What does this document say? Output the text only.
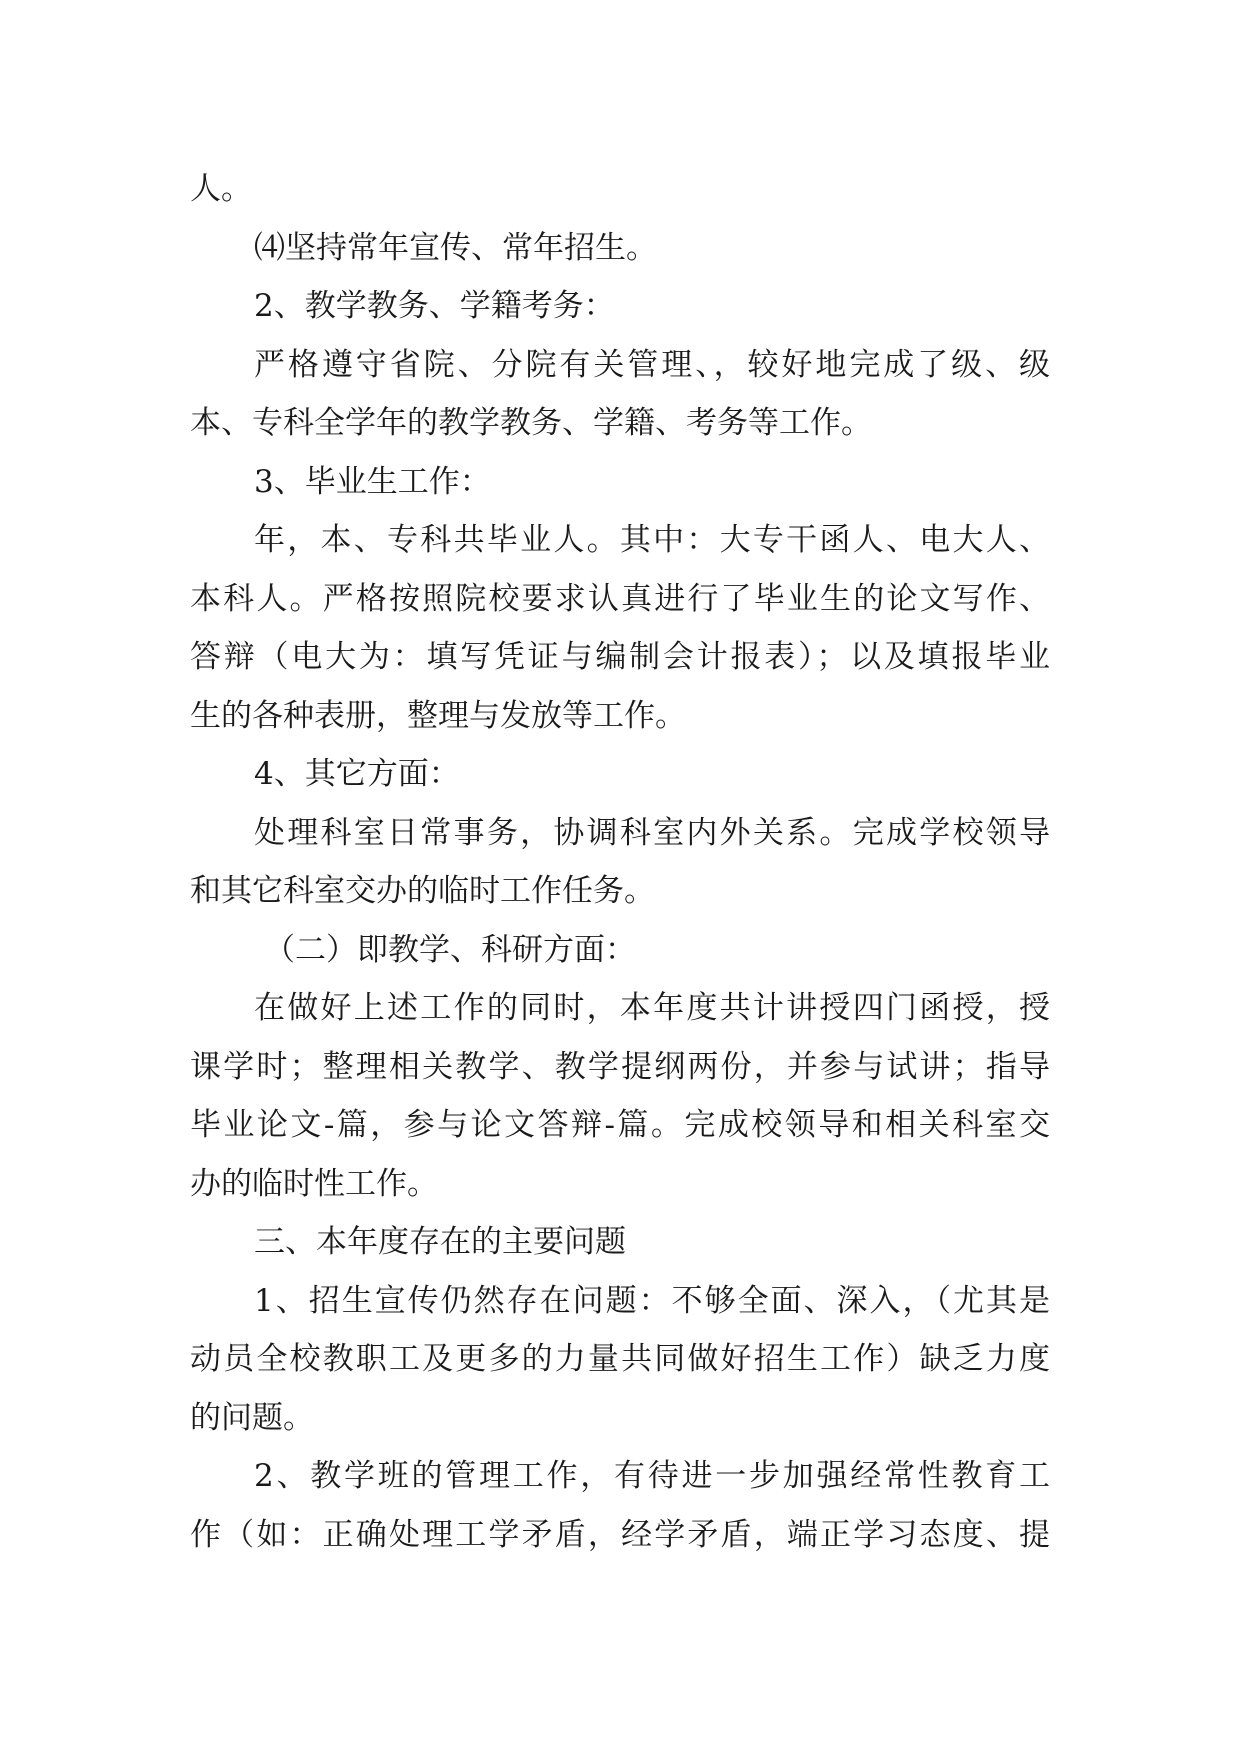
人。
⑷坚持常年宣传、常年招生。
2、教学教务、学籍考务：
严格遵守省院、分院有关管理、，较好地完成了级、级
本、专科全学年的教学教务、学籍、考务等工作。
3、毕业生工作：
年，本、专科共毕业人。其中：大专干函人、电大人、
本科人。严格按照院校要求认真进行了毕业生的论文写作、
答辩（电大为：填写凭证与编制会计报表）；以及填报毕业
生的各种表册，整理与发放等工作。
4、其它方面：
处理科室日常事务，协调科室内外关系。完成学校领导
和其它科室交办的临时工作任务。
（二）即教学、科研方面：
在做好上述工作的同时，本年度共计讲授四门函授，授
课学时；整理相关教学、教学提纲两份，并参与试讲；指导
毕业论文-篇，参与论文答辩-篇。完成校领导和相关科室交
办的临时性工作。
三、本年度存在的主要问题
1、招生宣传仍然存在问题：不够全面、深入，（尤其是
动员全校教职工及更多的力量共同做好招生工作）缺乏力度
的问题。
2、教学班的管理工作，有待进一步加强经常性教育工
作（如：正确处理工学矛盾，经学矛盾，端正学习态度、提
